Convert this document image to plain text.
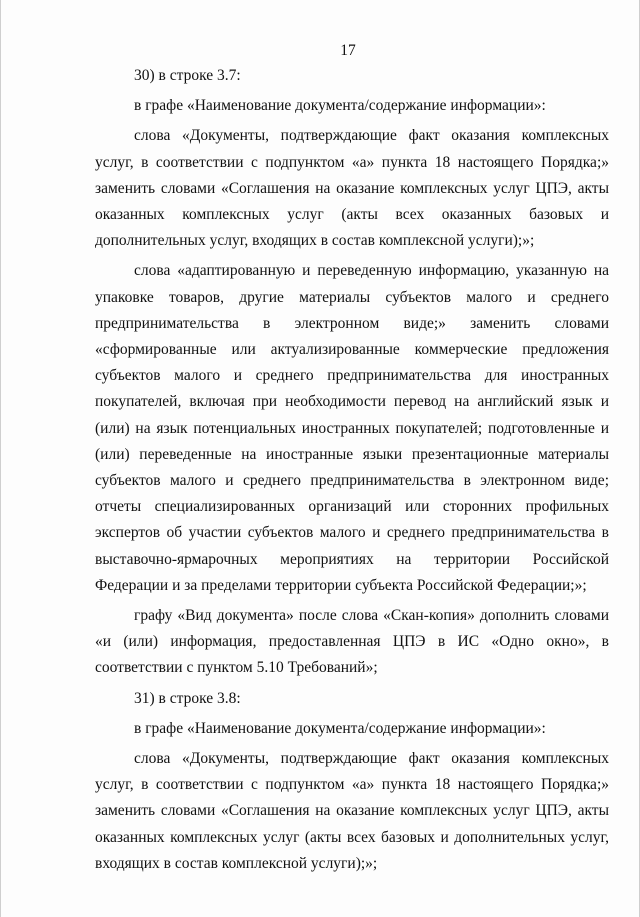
17

30) в строке 3.7:

в графе «Наименование документа/содержание информации»:

слова «Документы, подтверждающие факт оказания комплексных услуг, в соответствии с подпунктом «а» пункта 18 настоящего Порядка;» заменить словами «Соглашения на оказание комплексных услуг ЦПЭ, акты оказанных комплексных услуг (акты всех оказанных базовых и дополнительных услуг, входящих в состав комплексной услуги);»;

слова «адаптированную и переведенную информацию, указанную на упаковке товаров, другие материалы субъектов малого и среднего предпринимательства в электронном виде;» заменить словами «сформированные или актуализированные коммерческие предложения субъектов малого и среднего предпринимательства для иностранных покупателей, включая при необходимости перевод на английский язык и (или) на язык потенциальных иностранных покупателей; подготовленные и (или) переведенные на иностранные языки презентационные материалы субъектов малого и среднего предпринимательства в электронном виде; отчеты специализированных организаций или сторонних профильных экспертов об участии субъектов малого и среднего предпринимательства в выставочно-ярмарочных мероприятиях на территории Российской Федерации и за пределами территории субъекта Российской Федерации;»;

графу «Вид документа» после слова «Скан-копия» дополнить словами «и (или) информация, предоставленная ЦПЭ в ИС «Одно окно», в соответствии с пунктом 5.10 Требований»;

31) в строке 3.8:

в графе «Наименование документа/содержание информации»:

слова «Документы, подтверждающие факт оказания комплексных услуг, в соответствии с подпунктом «а» пункта 18 настоящего Порядка;» заменить словами «Соглашения на оказание комплексных услуг ЦПЭ, акты оказанных комплексных услуг (акты всех базовых и дополнительных услуг, входящих в состав комплексной услуги);»;
